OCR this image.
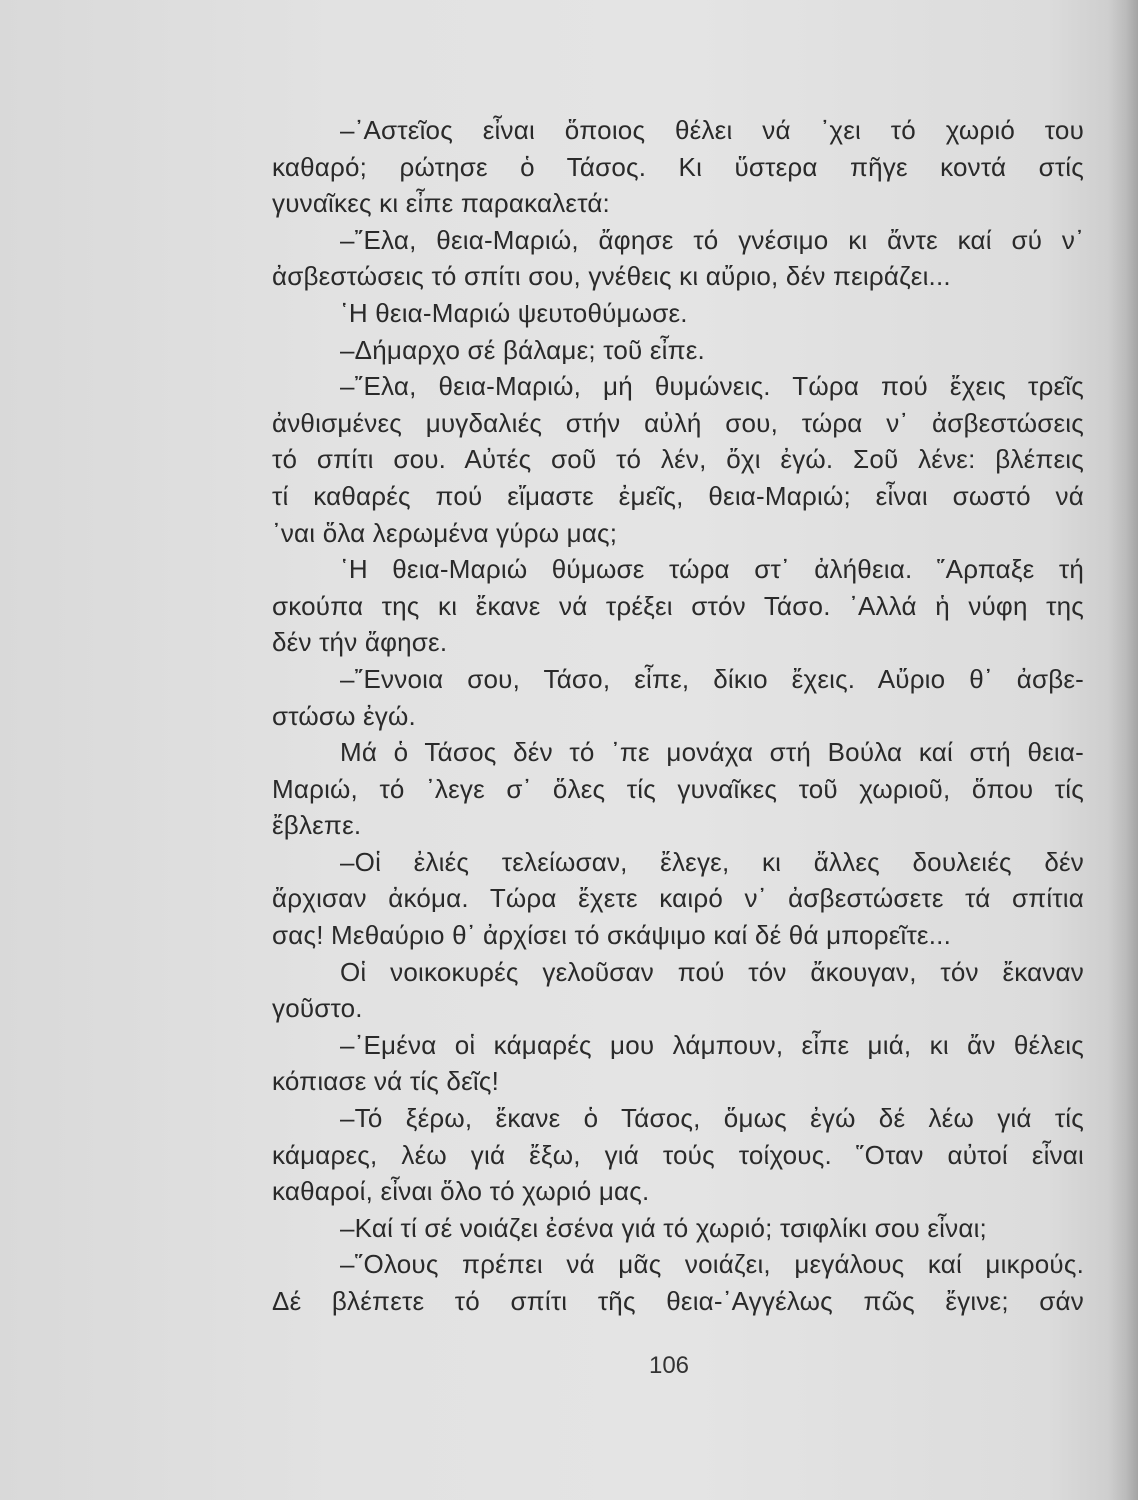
–᾿Αστεῖος εἶναι ὅποιος θέλει νά ᾿χει τό χωριό του
καθαρό; ρώτησε ὁ Τάσος. Κι ὕστερα πῆγε κοντά στίς
γυναῖκες κι εἶπε παρακαλετά:
–῎Ελα, θεια-Μαριώ, ἄφησε τό γνέσιμο κι ἄντε καί σύ ν᾿
ἀσβεστώσεις τό σπίτι σου, γνέθεις κι αὔριο, δέν πειράζει...
῾Η θεια-Μαριώ ψευτοθύμωσε.
–Δήμαρχο σέ βάλαμε; τοῦ εἶπε.
–῎Ελα, θεια-Μαριώ, μή θυμώνεις. Τώρα πού ἔχεις τρεῖς
ἀνθισμένες μυγδαλιές στήν αὐλή σου, τώρα ν᾿ ἀσβεστώσεις
τό σπίτι σου. Αὐτές σοῦ τό λέν, ὄχι ἐγώ. Σοῦ λένε: βλέπεις
τί καθαρές πού εἴμαστε ἐμεῖς, θεια-Μαριώ; εἶναι σωστό νά
᾿ναι ὅλα λερωμένα γύρω μας;
῾Η θεια-Μαριώ θύμωσε τώρα στ᾿ ἀλήθεια. ῞Αρπαξε τή
σκούπα της κι ἔκανε νά τρέξει στόν Τάσο. ᾿Αλλά ἡ νύφη της
δέν τήν ἄφησε.
–῎Εννοια σου, Τάσο, εἶπε, δίκιο ἔχεις. Αὔριο θ᾿ ἀσβε-
στώσω ἐγώ.
Μά ὁ Τάσος δέν τό ᾿πε μονάχα στή Βούλα καί στή θεια-
Μαριώ, τό ᾿λεγε σ᾿ ὅλες τίς γυναῖκες τοῦ χωριοῦ, ὅπου τίς
ἔβλεπε.
–Οἱ ἐλιές τελείωσαν, ἔλεγε, κι ἄλλες δουλειές δέν
ἄρχισαν ἀκόμα. Τώρα ἔχετε καιρό ν᾿ ἀσβεστώσετε τά σπίτια
σας! Μεθαύριο θ᾿ ἀρχίσει τό σκάψιμο καί δέ θά μπορεῖτε...
Οἱ νοικοκυρές γελοῦσαν πού τόν ἄκουγαν, τόν ἔκαναν
γοῦστο.
–᾿Εμένα οἱ κάμαρές μου λάμπουν, εἶπε μιά, κι ἄν θέλεις
κόπιασε νά τίς δεῖς!
–Τό ξέρω, ἔκανε ὁ Τάσος, ὅμως ἐγώ δέ λέω γιά τίς
κάμαρες, λέω γιά ἔξω, γιά τούς τοίχους. ῞Οταν αὐτοί εἶναι
καθαροί, εἶναι ὅλο τό χωριό μας.
–Καί τί σέ νοιάζει ἐσένα γιά τό χωριό; τσιφλίκι σου εἶναι;
–῞Ολους πρέπει νά μᾶς νοιάζει, μεγάλους καί μικρούς.
Δέ βλέπετε τό σπίτι τῆς θεια-᾿Αγγέλως πῶς ἔγινε; σάν
106
